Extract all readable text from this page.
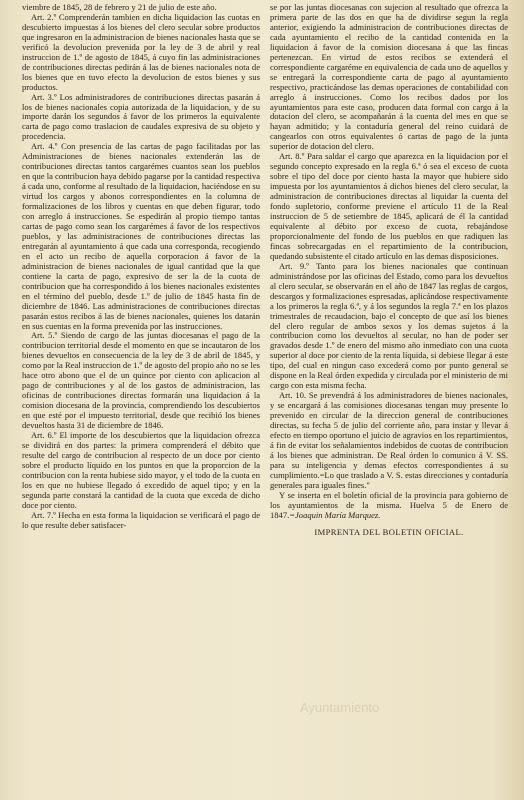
viembre de 1845, 28 de febrero y 21 de julio de este año.

Art. 2.º Comprenderán tambien en dicha liquidacion las cuotas en descubierto impuestas á los bienes del clero secular sobre productos que ingresaron en la administracion de bienes nacionales hasta que se verificó la devolucion prevenida por la ley de 3 de abril y real instruccion de 1.º de agosto de 1845, á cuyo fin las administraciones de contribuciones directas pedirán á las de bienes nacionales nota de los bienes que en tuvo efecto la devolucion de estos bienes y sus productos.

Art. 3.º Los administradores de contribuciones directas pasarán á los de bienes nacionales copia autorizada de la liquidacion, y de su importe darán los segundos á favor de los primeros la equivalente carta de pago como traslacion de caudales expresiva de su objeto y procedencia.

Art. 4.º Con presencia de las cartas de pago facilitadas por las Administraciones de bienes nacionales extenderán las de contribuciones directas tantos cargarémes cuantos sean los pueblos en que la contribucion haya debido pagarse por la cantidad respectiva á cada uno, conforme al resultado de la liquidacion, haciéndose en su virtud los cargos y abonos correspondientes en la columna de formalizaciones de los libros y cuentas en que deben figurar, todo con arreglo á instrucciones. Se espedirán al propio tiempo tantas cartas de pago como sean los cargarémes á favor de los respectivos pueblos, y las administraciones de contribuciones directas las entregarán al ayuntamiento á que cada una corresponda, recogiendo en el acto un recibo de aquella corporacion á favor de la administracion de bienes nacionales de igual cantidad que la que contiene la carta de pago, expresivo de ser la de la cuota de contribucion que ha correspondido á los bienes nacionales existentes en el término del pueblo, desde 1.º de julio de 1845 hasta fin de diciembre de 1846. Las administraciones de contribuciones directas pasarán estos recibos á las de bienes nacionales, quienes los datarán en sus cuentas en la forma prevenida por las instrucciones.

Art. 5.º Siendo de cargo de las juntas diocesanas el pago de la contribucion territorial desde el momento en que se incautaron de los bienes devueltos en consecuencia de la ley de 3 de abril de 1845, y como por la Real instruccion de 1.º de agosto del propio año no se les hace otro abono que el de un quince por ciento con aplicacion al pago de contribuciones y al de los gastos de administracion, las oficinas de contribuciones directas formarán una liquidacion á la comision diocesana de la provincia, comprendiendo los descubiertos en que esté por el impuesto territorial, desde que recibió los bienes devueltos hasta 31 de diciembre de 1846.

Art. 6.º El importe de los descubiertos que la liquidacion ofrezca se dividirá en dos partes: la primera comprenderá el débito que resulte del cargo de contribucion al respecto de un doce por ciento sobre el producto líquido en los puntos en que la proporcion de la contribucion con la renta hubiese sido mayor, y el todo de la cuota en los en que no hubiese llegado ó excedido de aquel tipo; y en la segunda parte constará la cantidad de la cuota que exceda de dicho doce por ciento.

Art. 7.º Hecha en esta forma la liquidacion se verificará el pago de lo que resulte deber satisfacer-

se por las juntas diocesanas con sujecion al resultado que ofrezca la primera parte de las dos en que ha de dividirse segun la regla anterior, exigiendo la administracion de contribuciones directas de cada ayuntamiento el recibo de la cantidad contenida en la liquidacion á favor de la comision diocesana á que las fincas pertenezcan. En virtud de estos recibos se extenderá el correspondiente cargaréme en equivalencia de cada uno de aquellos y se entregará la correspondiente carta de pago al ayuntamiento respectivo, practicándose las demas operaciones de contabilidad con arreglo á instrucciones. Como los recibos dados por los ayuntamientos para este caso, producen data formal con cargo á la dotacion del clero, se acompañarán á la cuenta del mes en que se hayan admitido; y la contaduría general del reino cuidará de cangearlos con otros equivalentes ó cartas de pago de la junta superior de dotacion del clero.

Art. 8.º Para saldar el cargo que aparezca en la liquidacion por el segundo concepto expresado en la regla 6.ª ó sea el exceso de cuota sobre el tipo del doce por ciento hasta la mayor que hubiere sido impuesta por los ayuntamientos á dichos bienes del clero secular, la administracion de contribuciones directas al liquidar la cuenta del fondo supletorio, conforme previene el artículo 11 de la Real instruccion de 5 de setiembre de 1845, aplicará de él la cantidad equivalente al débito por exceso de cuota, rebajándose proporcionalmente del fondo de los pueblos en que radiquen las fincas sobrecargadas en el repartimiento de la contribucion, quedando subsistente el citado artículo en las demas disposiciones.

Art. 9.º Tanto para los bienes nacionales que continuan administrándose por las oficinas del Estado, como para los devueltos al clero secular, se observarán en el año de 1847 las reglas de cargos, descargos y formalizaciones espresadas, aplicándose respectivamente a los primeros la regla 6.ª, y á los segundos la regla 7.ª en los plazos trimestrales de recaudacion, bajo el concepto de que así los bienes del clero regular de ambos sexos y los demas sujetos á la contribucion como los devueltos al secular, no han de poder ser gravados desde 1.º de enero del mismo año inmediato con una cuota superior al doce por ciento de la renta líquida, si debiese llegar á este tipo, del cual en ningun caso excederá como por punto general se dispone en la Real órden expedida y circulada por el ministerio de mi cargo con esta misma fecha.

Art. 10. Se prevendrá á los administradores de bienes nacionales, y se encargará á las comisiones diocesanas tengan muy presente lo prevenido en circular de la direccion general de contribuciones directas, su fecha 5 de julio del corriente año, para instar y llevar á efecto en tiempo oportuno el juicio de agravios en los repartimientos, á fin de evitar los señalamientos indebidos de cuotas de contribucion á los bienes que administran. De Real órden lo comunico á V. SS. para su inteligencia y demas efectos correspondientes á su cumplimiento.=Lo que traslado a V. S. estas direcciones y contaduría generales para iguales fines."

Y se inserta en el boletín oficial de la provincia para gobierno de los ayuntamientos de la misma. Huelva 5 de Enero de 1847.=Joaquin María Marquez.

IMPRENTA DEL BOLETIN OFICIAL.

Ayuntamiento
